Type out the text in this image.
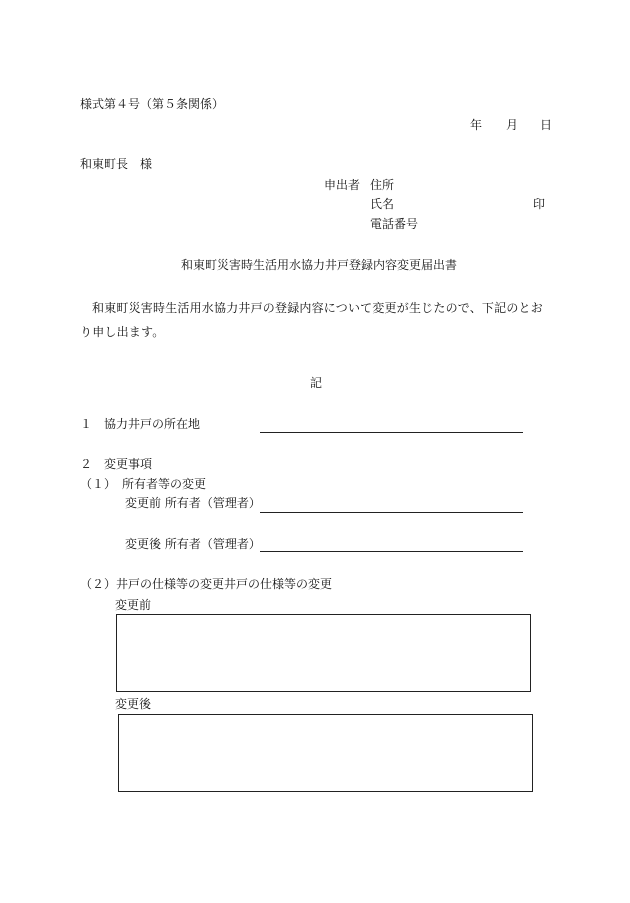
様式第４号（第５条関係）
年 月 日
和東町長　様
申出者 住所
氏名	印
電話番号
和東町災害時生活用水協力井戸登録内容変更届出書
和東町災害時生活用水協力井戸の登録内容について変更が生じたので、下記のとおり申し出ます。
記
１　協力井戸の所在地
２　変更事項
（１）　所有者等の変更
変更前 所有者（管理者）
変更後 所有者（管理者）
（２）井戸の仕様等の変更井戸の仕様等の変更
変更前
変更後
